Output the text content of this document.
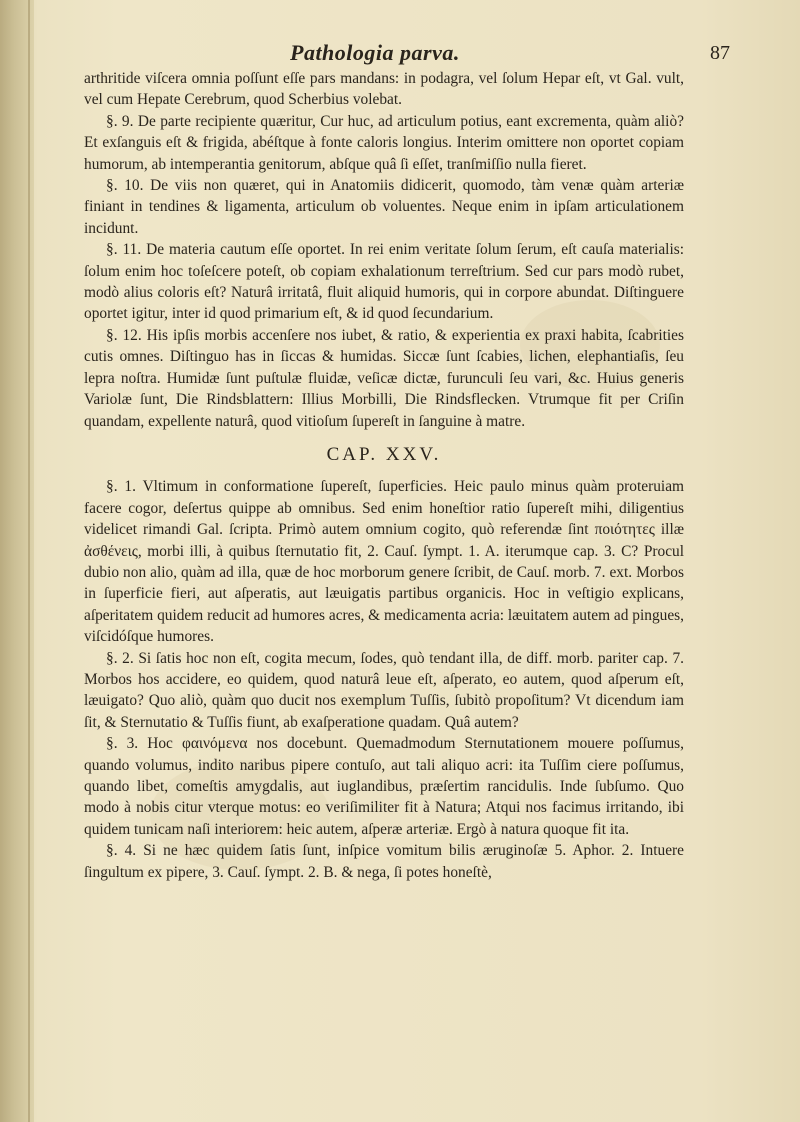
Pathologia parva.	87

arthritide viſcera omnia poſſunt eſſe pars mandans: in podagra, vel ſolum Hepar eſt, vt Gal. vult, vel cum Hepate Cerebrum, quod Scherbius volebat.

§. 9. De parte recipiente quæritur, Cur huc, ad articulum potius, eant excrementa, quàm aliò? Et exſanguis eſt & frigida, abéſtque à fonte caloris longius. Interim omittere non oportet copiam humorum, ab intemperantia genitorum, abſque quâ ſi eſſet, tranſmiſſio nulla fieret.

§. 10. De viis non quæret, qui in Anatomiis didicerit, quomodo, tàm venæ quàm arteriæ finiant in tendines & ligamenta, articulum ob voluentes. Neque enim in ipſam articulationem incidunt.

§. 11. De materia cautum eſſe oportet. In rei enim veritate ſolum ſerum, eſt cauſa materialis: ſolum enim hoc toſeſcere poteſt, ob copiam exhalationum terreſtrium. Sed cur pars modò rubet, modò alius coloris eſt? Naturâ irritatâ, fluit aliquid humoris, qui in corpore abundat. Diſtinguere oportet igitur, inter id quod primarium eſt, & id quod ſecundarium.

§. 12. His ipſis morbis accenſere nos iubet, & ratio, & experientia ex praxi habita, ſcabrities cutis omnes. Diſtinguo has in ſiccas & humidas. Siccæ ſunt ſcabies, lichen, elephantiaſis, ſeu lepra noſtra. Humidæ ſunt puſtulæ fluidæ, veſicæ dictæ, furunculi ſeu vari, &c. Huius generis Variolæ ſunt, Die Rindsblattern: Illius Morbilli, Die Rindsflecken. Vtrumque fit per Criſin quandam, expellente naturâ, quod vitioſum ſupereſt in ſanguine à matre.

CAP. XXV.

§. 1. Vltimum in conformatione ſupereſt, ſuperficies. Heic paulo minus quàm proteruiam facere cogor, deſertus quippe ab omnibus. Sed enim honeſtior ratio ſupereſt mihi, diligentius videlicet rimandi Gal. ſcripta. Primò autem omnium cogito, quò referendæ ſint ποιότητες illæ ἀσθένεις, morbi illi, à quibus ſternutatio fit, 2. Cauſ. ſympt. 1. A. iterumque cap. 3. C? Procul dubio non alio, quàm ad illa, quæ de hoc morborum genere ſcribit, de Cauſ. morb. 7. ext. Morbos in ſuperficie fieri, aut aſperatis, aut læuigatis partibus organicis. Hoc in veſtigio explicans, aſperitatem quidem reducit ad humores acres, & medicamenta acria: læuitatem autem ad pingues, viſcidóſque humores.

§. 2. Si ſatis hoc non eſt, cogita mecum, ſodes, quò tendant illa, de diff. morb. pariter cap. 7. Morbos hos accidere, eo quidem, quod naturâ leue eſt, aſperato, eo autem, quod aſperum eſt, læuigato? Quo aliò, quàm quo ducit nos exemplum Tuſſis, ſubitò propoſitum? Vt dicendum iam ſit, & Sternutatio & Tuſſis fiunt, ab exaſperatione quadam. Quâ autem?

§. 3. Hoc φαινόμενα nos docebunt. Quemadmodum Sternutationem mouere poſſumus, quando volumus, indito naribus pipere contuſo, aut tali aliquo acri: ita Tuſſim ciere poſſumus, quando libet, comeſtis amygdalis, aut iuglandibus, præſertim rancidulis. Inde ſubſumo. Quo modo à nobis citur vterque motus: eo veriſimiliter fit à Natura; Atqui nos facimus irritando, ibi quidem tunicam naſi interiorem: heic autem, aſperæ arteriæ. Ergò à natura quoque fit ita.

§. 4. Si ne hæc quidem ſatis ſunt, inſpice vomitum bilis æruginoſæ 5. Aphor. 2. Intuere ſingultum ex pipere, 3. Cauſ. ſympt. 2. B. & nega, ſi potes honeſtè,
